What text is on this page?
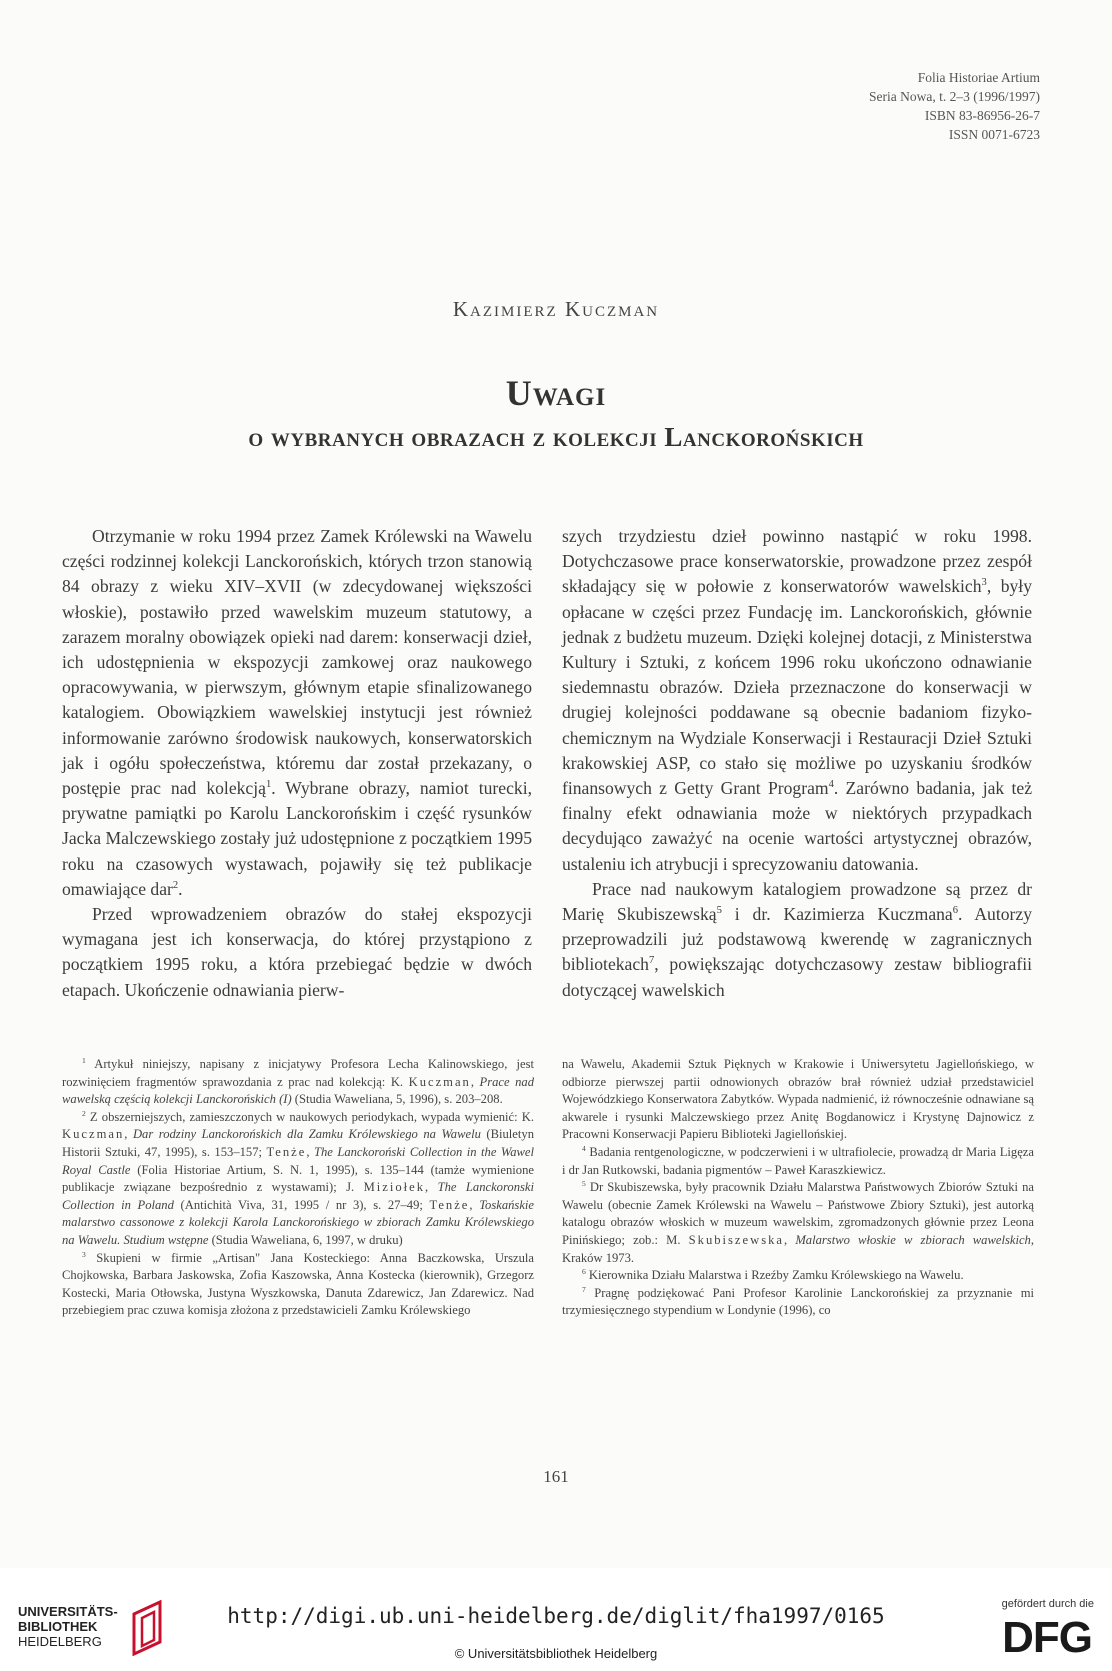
Folia Historiae Artium
Seria Nowa, t. 2–3 (1996/1997)
ISBN 83-86956-26-7
ISSN 0071-6723
Kazimierz Kuczman
Uwagi
o wybranych obrazach z kolekcji Lanckorońskich

Otrzymanie w roku 1994 przez Zamek Królewski na Wawelu części rodzinnej kolekcji Lanckorońskich, których trzon stanowią 84 obrazy z wieku XIV–XVII (w zdecydowanej większości włoskie), postawiło przed wawelskim muzeum statutowy, a zarazem moralny obowiązek opieki nad darem: konserwacji dzieł, ich udostępnienia w ekspozycji zamkowej oraz naukowego opracowywania, w pierwszym, głównym etapie sfinalizowanego katalogiem. Obowiązkiem wawelskiej instytucji jest również informowanie zarówno środowisk naukowych, konserwatorskich jak i ogółu społeczeństwa, któremu dar został przekazany, o postępie prac nad kolekcją$^1$. Wybrane obrazy, namiot turecki, prywatne pamiątki po Karolu Lanckorońskim i część rysunków Jacka Malczewskiego zostały już udostępnione z początkiem 1995 roku na czasowych wystawach, pojawiły się też publikacje omawiające dar$^2$.

Przed wprowadzeniem obrazów do stałej ekspozycji wymagana jest ich konserwacja, do której przystąpiono z początkiem 1995 roku, a która przebiegać będzie w dwóch etapach. Ukończenie odnawiania pierw-

szych trzydziestu dzieł powinno nastąpić w roku 1998. Dotychczasowe prace konserwatorskie, prowadzone przez zespół składający się w połowie z konserwatorów wawelskich$^3$, były opłacane w części przez Fundację im. Lanckorońskich, głównie jednak z budżetu muzeum. Dzięki kolejnej dotacji, z Ministerstwa Kultury i Sztuki, z końcem 1996 roku ukończono odnawianie siedemnastu obrazów. Dzieła przeznaczone do konserwacji w drugiej kolejności poddawane są obecnie badaniom fizyko-chemicznym na Wydziale Konserwacji i Restauracji Dzieł Sztuki krakowskiej ASP, co stało się możliwe po uzyskaniu środków finansowych z Getty Grant Program$^4$. Zarówno badania, jak też finalny efekt odnawiania może w niektórych przypadkach decydująco zaważyć na ocenie wartości artystycznej obrazów, ustaleniu ich atrybucji i sprecyzowaniu datowania.

Prace nad naukowym katalogiem prowadzone są przez dr Marię Skubiszewską$^5$ i dr. Kazimierza Kuczmana$^6$. Autorzy przeprowadzili już podstawową kwerendę w zagranicznych bibliotekach$^7$, powiększając dotychczasowy zestaw bibliografii dotyczącej wawelskich

$^1$ Artykuł niniejszy, napisany z inicjatywy Profesora Lecha Kalinowskiego, jest rozwinięciem fragmentów sprawozdania z prac nad kolekcją: K. Kuczman, Prace nad wawelską częścią kolekcji Lanckorońskich (I) (Studia Waweliana, 5, 1996), s. 203–208.

$^2$ Z obszerniejszych, zamieszczonych w naukowych periodykach, wypada wymienić: K. Kuczman, Dar rodziny Lanckorońskich dla Zamku Królewskiego na Wawelu (Biuletyn Historii Sztuki, 47, 1995), s. 153–157; Tenże, The Lanckoroński Collection in the Wawel Royal Castle (Folia Historiae Artium, S. N. 1, 1995), s. 135–144 (tamże wymienione publikacje związane bezpośrednio z wystawami); J. Miziołek, The Lanckoronski Collection in Poland (Antichità Viva, 31, 1995 / nr 3), s. 27–49; Tenże, Toskańskie malarstwo cassonowe z kolekcji Karola Lanckorońskiego w zbiorach Zamku Królewskiego na Wawelu. Studium wstępne (Studia Waweliana, 6, 1997, w druku)

$^3$ Skupieni w firmie „Artisan" Jana Kosteckiego: Anna Baczkowska, Urszula Chojkowska, Barbara Jaskowska, Zofia Kaszowska, Anna Kostecka (kierownik), Grzegorz Kostecki, Maria Otłowska, Justyna Wyszkowska, Danuta Zdarewicz, Jan Zdarewicz. Nad przebiegiem prac czuwa komisja złożona z przedstawicieli Zamku Królewskiego

na Wawelu, Akademii Sztuk Pięknych w Krakowie i Uniwersytetu Jagiellońskiego, w odbiorze pierwszej partii odnowionych obrazów brał również udział przedstawiciel Wojewódzkiego Konserwatora Zabytków. Wypada nadmienić, iż równocześnie odnawiane są akwarele i rysunki Malczewskiego przez Anitę Bogdanowicz i Krystynę Dajnowicz z Pracowni Konserwacji Papieru Biblioteki Jagiellońskiej.

$^4$ Badania rentgenologiczne, w podczerwieni i w ultrafiolecie, prowadzą dr Maria Ligęza i dr Jan Rutkowski, badania pigmentów – Paweł Karaszkiewicz.

$^5$ Dr Skubiszewska, były pracownik Działu Malarstwa Państwowych Zbiorów Sztuki na Wawelu (obecnie Zamek Królewski na Wawelu – Państwowe Zbiory Sztuki), jest autorką katalogu obrazów włoskich w muzeum wawelskim, zgromadzonych głównie przez Leona Pinińskiego; zob.: M. Skubiszewska, Malarstwo włoskie w zbiorach wawelskich, Kraków 1973.

$^6$ Kierownika Działu Malarstwa i Rzeźby Zamku Królewskiego na Wawelu.

$^7$ Pragnę podziękować Pani Profesor Karolinie Lanckorońskiej za przyznanie mi trzymiesięcznego stypendium w Londynie (1996), co

161
UNIVERSITÄTS-
BIBLIOTHEK
HEIDELBERG
http://digi.ub.uni-heidelberg.de/diglit/fha1997/0165
© Universitätsbibliothek Heidelberg
gefördert durch die
DFG
